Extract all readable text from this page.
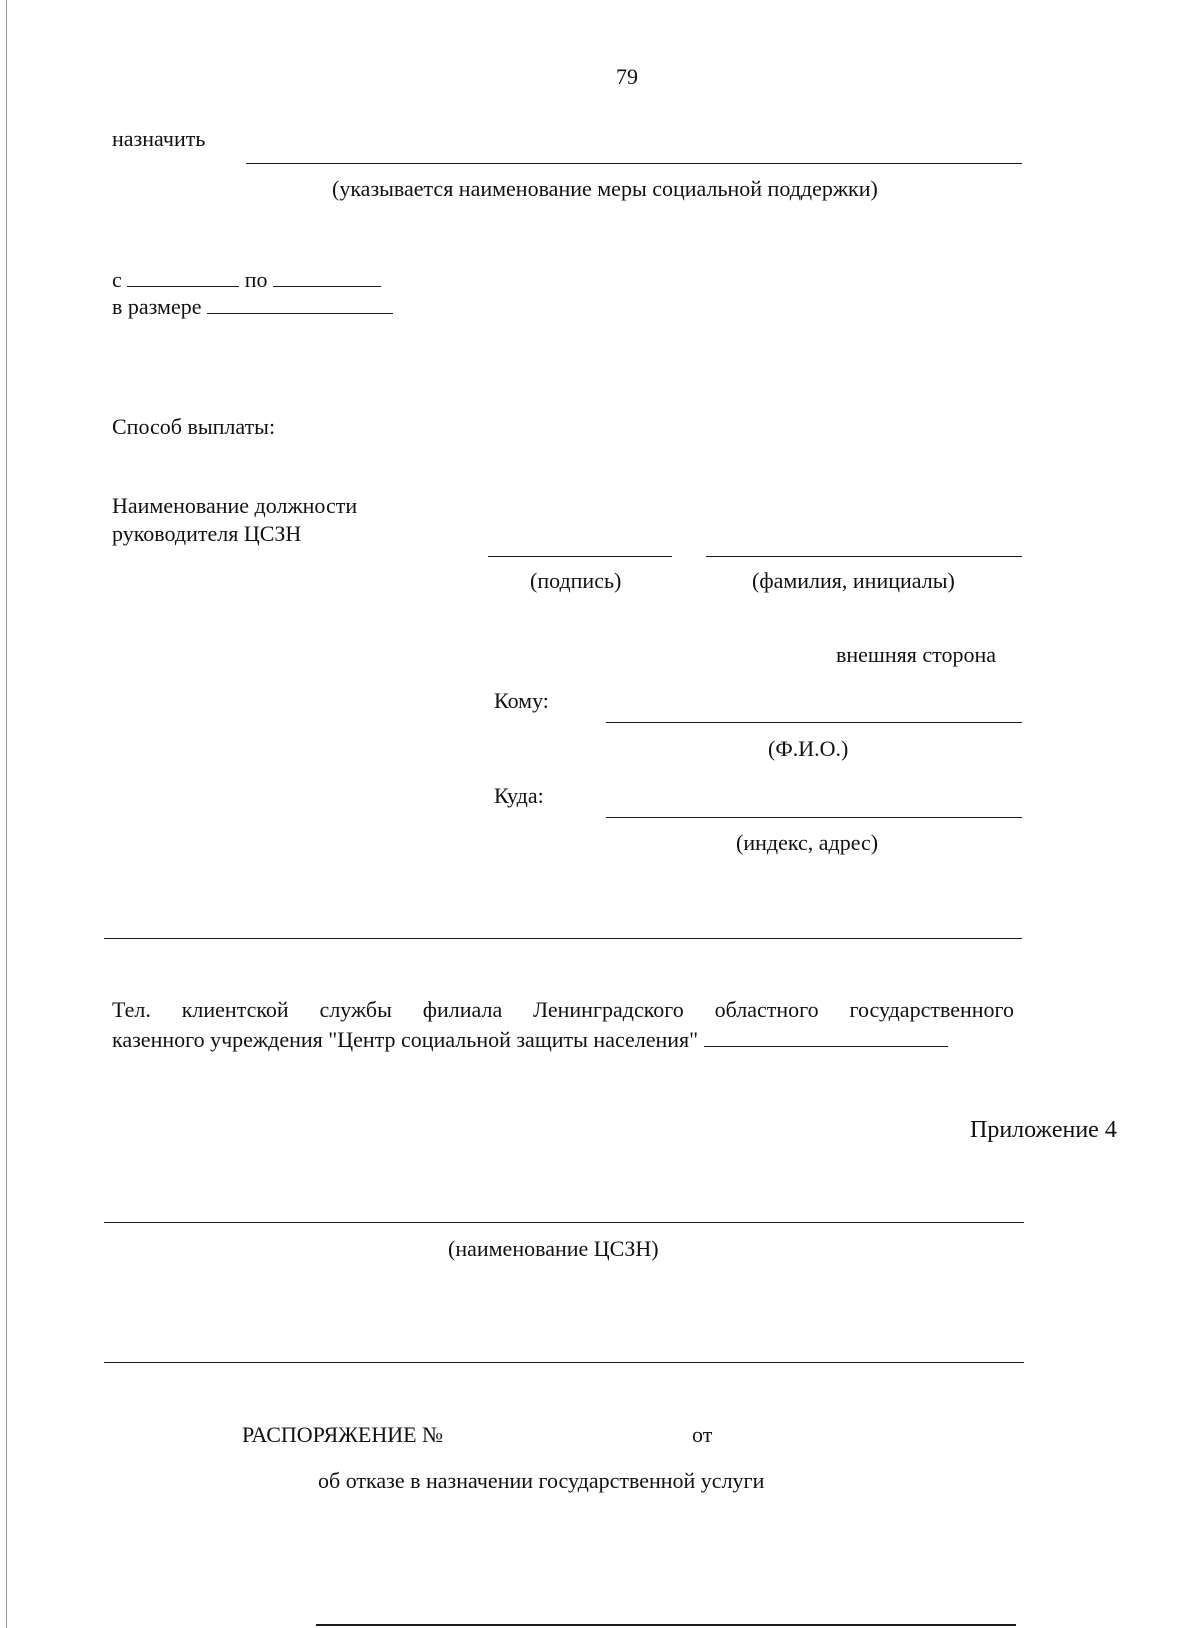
79
назначить
(указывается наименование меры социальной поддержки)
с	по
в размере
Способ выплаты:
Наименование должности
руководителя ЦСЗН
(подпись)	(фамилия, инициалы)
внешняя сторона
Кому:
(Ф.И.О.)
Куда:
(индекс, адрес)
Тел. клиентской службы филиала Ленинградского областного государственного
казенного учреждения "Центр социальной защиты населения"
Приложение 4
(наименование ЦСЗН)
РАСПОРЯЖЕНИЕ №	от
об отказе в назначении государственной услуги
